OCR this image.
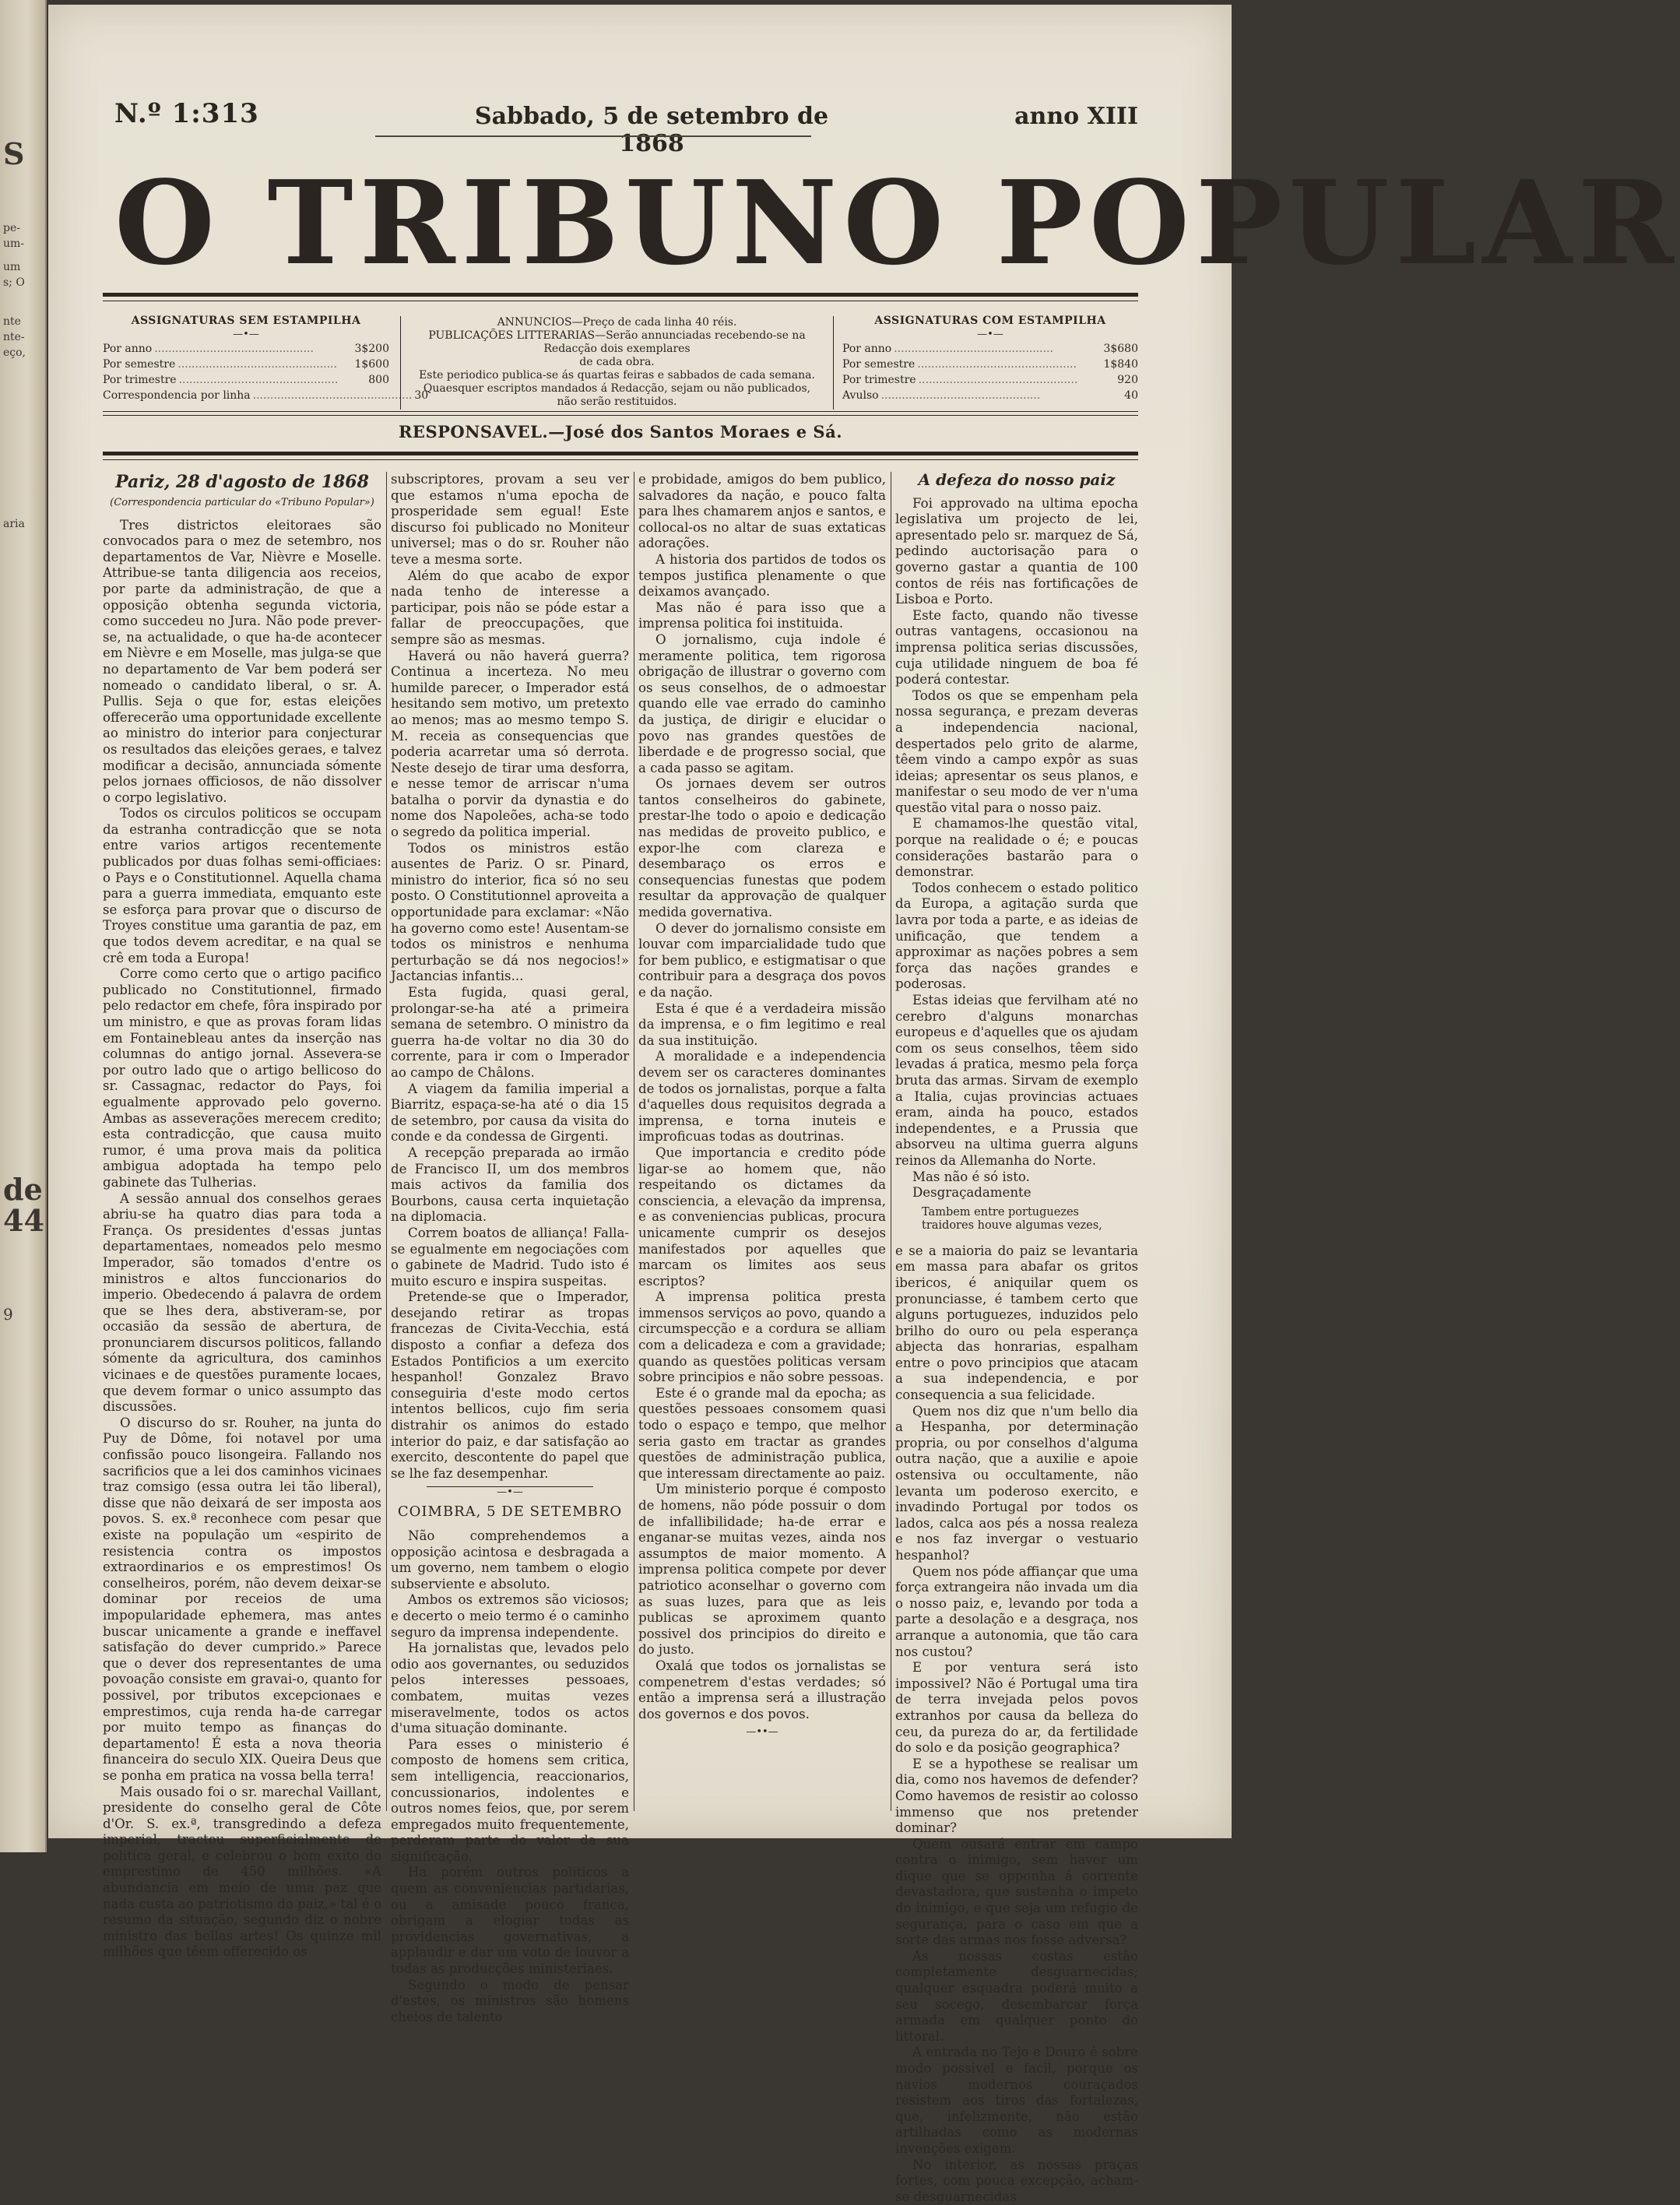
S
pe-
um-
um
s; O
nte
nte-
eço,
aria
de
44
9
N.º 1:313	Sabbado, 5 de setembro de 1868
anno XIII
O TRIBUNO POPULAR
ASSIGNATURAS SEM ESTAMPILHA
—•—
Por anno ..............................................	3$200
Por semestre ..............................................	1$600
Por trimestre ..............................................	800
Correspondencia por linha .............................................. 30

ANNUNCIOS—Preço de cada linha 40 réis.

PUBLICAÇÕES LITTERARIAS—Serão annunciadas recebendo-se na Redacção dois exemplares

de cada obra.

Este periodico publica-se ás quartas feiras e sabbados de cada semana.

Quaesquer escriptos mandados á Redacção, sejam ou não publicados,

não serão restituidos.

ASSIGNATURAS COM ESTAMPILHA
—•—
Por anno ..............................................	3$680
Por semestre ..............................................	1$840
Por trimestre ..............................................	920
Avulso ..............................................	40
RESPONSAVEL.—José dos Santos Moraes e Sá.
Pariz, 28 d'agosto de 1868
(Correspondencia particular do «Tribuno Popular»)

Tres districtos eleitoraes são convocados para o mez de setembro, nos departamentos de Var, Nièvre e Moselle. Attribue-se tanta diligencia aos receios, por parte da administração, de que a opposição obtenha segunda victoria, como succedeu no Jura. Não pode prever-se, na actualidade, o que ha-de acontecer em Nièvre e em Moselle, mas julga-se que no departamento de Var bem poderá ser nomeado o candidato liberal, o sr. A. Pullis. Seja o que for, estas eleições offerecerão uma opportunidade excellente ao ministro do interior para conjecturar os resultados das eleições geraes, e talvez modificar a decisão, annunciada sómente pelos jornaes officiosos, de não dissolver o corpo legislativo.

Todos os circulos politicos se occupam da estranha contradicção que se nota entre varios artigos recentemente publicados por duas folhas semi-officiaes: o Pays e o Constitutionnel. Aquella chama para a guerra immediata, emquanto este se esforça para provar que o discurso de Troyes constitue uma garantia de paz, em que todos devem acreditar, e na qual se crê em toda a Europa!

Corre como certo que o artigo pacifico publicado no Constitutionnel, firmado pelo redactor em chefe, fôra inspirado por um ministro, e que as provas foram lidas em Fontainebleau antes da inserção nas columnas do antigo jornal. Assevera-se por outro lado que o artigo bellicoso do sr. Cassagnac, redactor do Pays, foi egualmente approvado pelo governo. Ambas as asseverações merecem credito; esta contradicção, que causa muito rumor, é uma prova mais da politica ambigua adoptada ha tempo pelo gabinete das Tulherias.

A sessão annual dos conselhos geraes abriu-se ha quatro dias para toda a França. Os presidentes d'essas juntas departamentaes, nomeados pelo mesmo Imperador, são tomados d'entre os ministros e altos funccionarios do imperio. Obedecendo á palavra de ordem que se lhes dera, abstiveram-se, por occasião da sessão de abertura, de pronunciarem discursos politicos, fallando sómente da agricultura, dos caminhos vicinaes e de questões puramente locaes, que devem formar o unico assumpto das discussões.

O discurso do sr. Rouher, na junta do Puy de Dôme, foi notavel por uma confissão pouco lisongeira. Fallando nos sacrificios que a lei dos caminhos vicinaes traz comsigo (essa outra lei tão liberal), disse que não deixará de ser imposta aos povos. S. ex.ª reconhece com pesar que existe na população um «espirito de resistencia contra os impostos extraordinarios e os emprestimos! Os conselheiros, porém, não devem deixar-se dominar por receios de uma impopularidade ephemera, mas antes buscar unicamente a grande e ineffavel satisfação do dever cumprido.» Parece que o dever dos representantes de uma povoação consiste em gravai-o, quanto for possivel, por tributos excepcionaes e emprestimos, cuja renda ha-de carregar por muito tempo as finanças do departamento! É esta a nova theoria financeira do seculo XIX. Queira Deus que se ponha em pratica na vossa bella terra!

Mais ousado foi o sr. marechal Vaillant, presidente do conselho geral de Côte d'Or. S. ex.ª, transgredindo a defeza imperial, tractou superficialmente de politica geral, e celebrou o bom exito do emprestimo de 450 milhões. «A abundancia em meio de uma paz que nada custa ao patriotismo do paiz,» tal é o resumo da situação, segundo diz o nobre ministro das bellas artes! Os quinze mil milhões que têem offerecido os

subscriptores, provam a seu ver que estamos n'uma epocha de prosperidade sem egual! Este discurso foi publicado no Moniteur universel; mas o do sr. Rouher não teve a mesma sorte.

Além do que acabo de expor nada tenho de interesse a participar, pois não se póde estar a fallar de preoccupações, que sempre são as mesmas.

Haverá ou não haverá guerra? Continua a incerteza. No meu humilde parecer, o Imperador está hesitando sem motivo, um pretexto ao menos; mas ao mesmo tempo S. M. receia as consequencias que poderia acarretar uma só derrota. Neste desejo de tirar uma desforra, e nesse temor de arriscar n'uma batalha o porvir da dynastia e do nome dos Napoleões, acha-se todo o segredo da politica imperial.

Todos os ministros estão ausentes de Pariz. O sr. Pinard, ministro do interior, fica só no seu posto. O Constitutionnel aproveita a opportunidade para exclamar: «Não ha governo como este! Ausentam-se todos os ministros e nenhuma perturbação se dá nos negocios!» Jactancias infantis...

Esta fugida, quasi geral, prolongar-se-ha até a primeira semana de setembro. O ministro da guerra ha-de voltar no dia 30 do corrente, para ir com o Imperador ao campo de Châlons.

A viagem da familia imperial a Biarritz, espaça-se-ha até o dia 15 de setembro, por causa da visita do conde e da condessa de Girgenti.

A recepção preparada ao irmão de Francisco II, um dos membros mais activos da familia dos Bourbons, causa certa inquietação na diplomacia.

Correm boatos de alliança! Falla-se egualmente em negociações com o gabinete de Madrid. Tudo isto é muito escuro e inspira suspeitas.

Pretende-se que o Imperador, desejando retirar as tropas francezas de Civita-Vecchia, está disposto a confiar a defeza dos Estados Pontificios a um exercito hespanhol! Gonzalez Bravo conseguiria d'este modo certos intentos bellicos, cujo fim seria distrahir os animos do estado interior do paiz, e dar satisfação ao exercito, descontente do papel que se lhe faz desempenhar.

—•—
COIMBRA, 5 DE SETEMBRO

Não comprehendemos a opposição acintosa e desbragada a um governo, nem tambem o elogio subserviente e absoluto.

Ambos os extremos são viciosos; e decerto o meio termo é o caminho seguro da imprensa independente.

Ha jornalistas que, levados pelo odio aos governantes, ou seduzidos pelos interesses pessoaes, combatem, muitas vezes miseravelmente, todos os actos d'uma situação dominante.

Para esses o ministerio é composto de homens sem critica, sem intelligencia, reaccionarios, concussionarios, indolentes e outros nomes feios, que, por serem empregados muito frequentemente, perderam parte do valor da sua significação.

Ha porém outros politicos a quem as conveniencias partidarias, ou a amisade pouco franca, obrigam a elogiar todas as providencias governativas, a applaudir e dar um voto de louvor a todas as producções ministeriaes.

Segundo o modo de pensar d'estes, os ministros são homens cheios de talento

e probidade, amigos do bem publico, salvadores da nação, e pouco falta para lhes chamarem anjos e santos, e collocal-os no altar de suas extaticas adorações.

A historia dos partidos de todos os tempos justifica plenamente o que deixamos avançado.

Mas não é para isso que a imprensa politica foi instituida.

O jornalismo, cuja indole é meramente politica, tem rigorosa obrigação de illustrar o governo com os seus conselhos, de o admoestar quando elle vae errado do caminho da justiça, de dirigir e elucidar o povo nas grandes questões de liberdade e de progresso social, que a cada passo se agitam.

Os jornaes devem ser outros tantos conselheiros do gabinete, prestar-lhe todo o apoio e dedicação nas medidas de proveito publico, e expor-lhe com clareza e desembaraço os erros e consequencias funestas que podem resultar da approvação de qualquer medida governativa.

O dever do jornalismo consiste em louvar com imparcialidade tudo que for bem publico, e estigmatisar o que contribuir para a desgraça dos povos e da nação.

Esta é que é a verdadeira missão da imprensa, e o fim legitimo e real da sua instituição.

A moralidade e a independencia devem ser os caracteres dominantes de todos os jornalistas, porque a falta d'aquelles dous requisitos degrada a imprensa, e torna inuteis e improficuas todas as doutrinas.

Que importancia e credito póde ligar-se ao homem que, não respeitando os dictames da consciencia, a elevação da imprensa, e as conveniencias publicas, procura unicamente cumprir os desejos manifestados por aquelles que marcam os limites aos seus escriptos?

A imprensa politica presta immensos serviços ao povo, quando a circumspecção e a cordura se alliam com a delicadeza e com a gravidade; quando as questões politicas versam sobre principios e não sobre pessoas.

Este é o grande mal da epocha; as questões pessoaes consomem quasi todo o espaço e tempo, que melhor seria gasto em tractar as grandes questões de administração publica, que interessam directamente ao paiz.

Um ministerio porque é composto de homens, não póde possuir o dom de infallibilidade; ha-de errar e enganar-se muitas vezes, ainda nos assumptos de maior momento. A imprensa politica compete por dever patriotico aconselhar o governo com as suas luzes, para que as leis publicas se aproximem quanto possivel dos principios do direito e do justo.

Oxalá que todos os jornalistas se compenetrem d'estas verdades; só então a imprensa será a illustração dos governos e dos povos.

—••—
A defeza do nosso paiz

Foi approvado na ultima epocha legislativa um projecto de lei, apresentado pelo sr. marquez de Sá, pedindo auctorisação para o governo gastar a quantia de 100 contos de réis nas fortificações de Lisboa e Porto.

Este facto, quando não tivesse outras vantagens, occasionou na imprensa politica serias discussões, cuja utilidade ninguem de boa fé poderá contestar.

Todos os que se empenham pela nossa segurança, e prezam deveras a independencia nacional, despertados pelo grito de alarme, têem vindo a campo expôr as suas ideias; apresentar os seus planos, e manifestar o seu modo de ver n'uma questão vital para o nosso paiz.

E chamamos-lhe questão vital, porque na realidade o é; e poucas considerações bastarão para o demonstrar.

Todos conhecem o estado politico da Europa, a agitação surda que lavra por toda a parte, e as ideias de unificação, que tendem a approximar as nações pobres a sem força das nações grandes e poderosas.

Estas ideias que fervilham até no cerebro d'alguns monarchas europeus e d'aquelles que os ajudam com os seus conselhos, têem sido levadas á pratica, mesmo pela força bruta das armas. Sirvam de exemplo a Italia, cujas provincias actuaes eram, ainda ha pouco, estados independentes, e a Prussia que absorveu na ultima guerra alguns reinos da Allemanha do Norte.

Mas não é só isto.

Desgraçadamente

Tambem entre portuguezes
traidores houve algumas vezes,

e se a maioria do paiz se levantaria em massa para abafar os gritos ibericos, é aniquilar quem os pronunciasse, é tambem certo que alguns portuguezes, induzidos pelo brilho do ouro ou pela esperança abjecta das honrarias, espalham entre o povo principios que atacam a sua independencia, e por consequencia a sua felicidade.

Quem nos diz que n'um bello dia a Hespanha, por determinação propria, ou por conselhos d'alguma outra nação, que a auxilie e apoie ostensiva ou occultamente, não levanta um poderoso exercito, e invadindo Portugal por todos os lados, calca aos pés a nossa realeza e nos faz invergar o vestuario hespanhol?

Quem nos póde affiançar que uma força extrangeira não invada um dia o nosso paiz, e, levando por toda a parte a desolação e a desgraça, nos arranque a autonomia, que tão cara nos custou?

E por ventura será isto impossivel? Não é Portugal uma tira de terra invejada pelos povos extranhos por causa da belleza do ceu, da pureza do ar, da fertilidade do solo e da posição geographica?

E se a hypothese se realisar um dia, como nos havemos de defender? Como havemos de resistir ao colosso immenso que nos pretender dominar?

Quem ousará entrar em campo contra o inimigo, sem haver um dique que se opponha á corrente devastadora, que sustenha o impeto do inimigo, e que seja um refugio de segurança, para o caso em que a sorte das armas nos fosse adversa?

As nossas costas estão completamente desguarnecidas; qualquer esquadra poderá muito a seu socego, desembarcar força armada em qualquer ponto do littoral.

A entrada no Tejo e Douro é sobre modo possivel e facil, porque os navios modernos couraçados resistem aos tiros das fortalezas, que, infelizmente, não estão artilhadas como as modernas invenções exigem.

No interior, as nossas praças fortes, com pouca excepção, acham-se desguarnecidas
